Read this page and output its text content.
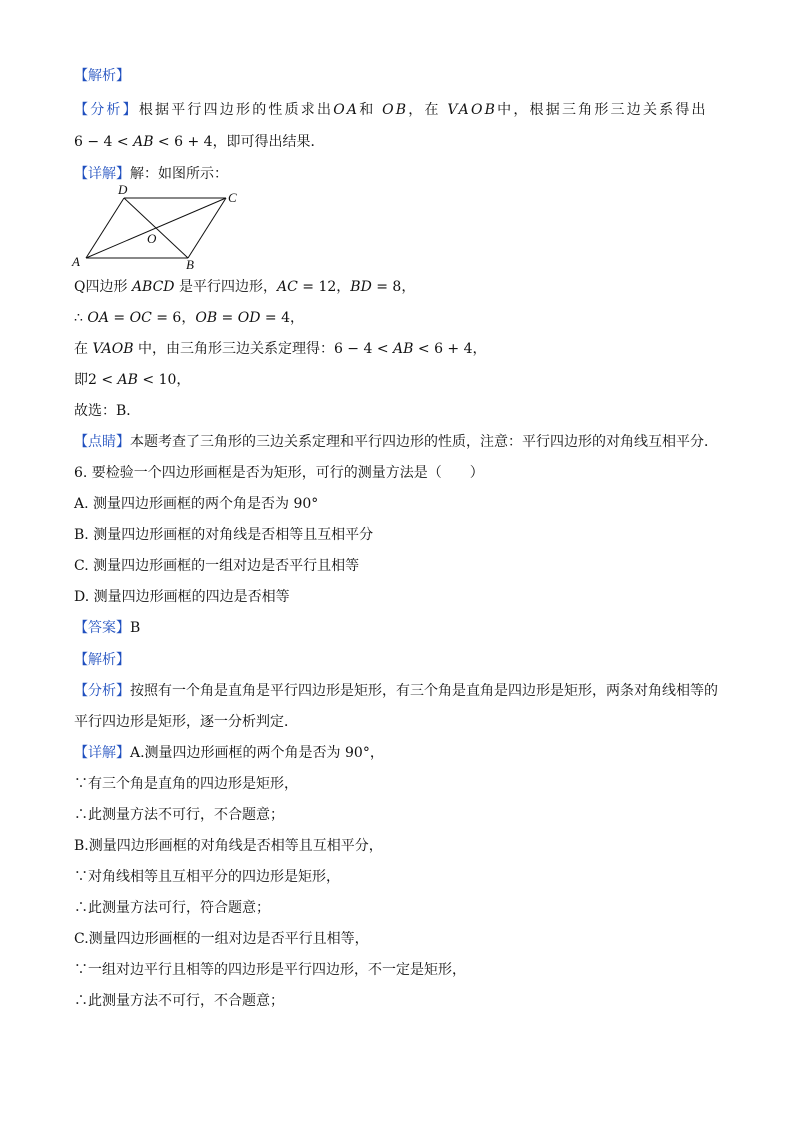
【解析】
【分析】根据平行四边形的性质求出OA和 OB，在 VAOB中，根据三角形三边关系得出
6 − 4 < AB < 6 + 4，即可得出结果．
【详解】解：如图所示：
Q四边形 ABCD 是平行四边形，AC = 12，BD = 8，
∴ OA = OC = 6，OB = OD = 4，
在 VAOB 中，由三角形三边关系定理得：6 − 4 < AB < 6 + 4，
即2 < AB < 10，
故选：B．
【点睛】本题考查了三角形的三边关系定理和平行四边形的性质，注意：平行四边形的对角线互相平分．
6. 要检验一个四边形画框是否为矩形，可行的测量方法是（　　）
A. 测量四边形画框的两个角是否为 90°
B. 测量四边形画框的对角线是否相等且互相平分
C. 测量四边形画框的一组对边是否平行且相等
D. 测量四边形画框的四边是否相等
【答案】B
【解析】
【分析】按照有一个角是直角是平行四边形是矩形，有三个角是直角是四边形是矩形，两条对角线相等的
平行四边形是矩形，逐一分析判定．
【详解】A.测量四边形画框的两个角是否为 90°，
∵有三个角是直角的四边形是矩形，
∴此测量方法不可行，不合题意；
B.测量四边形画框的对角线是否相等且互相平分，
∵对角线相等且互相平分的四边形是矩形，
∴此测量方法可行，符合题意；
C.测量四边形画框的一组对边是否平行且相等，
∵一组对边平行且相等的四边形是平行四边形，不一定是矩形，
∴此测量方法不可行，不合题意；
A	B
C
D
O
